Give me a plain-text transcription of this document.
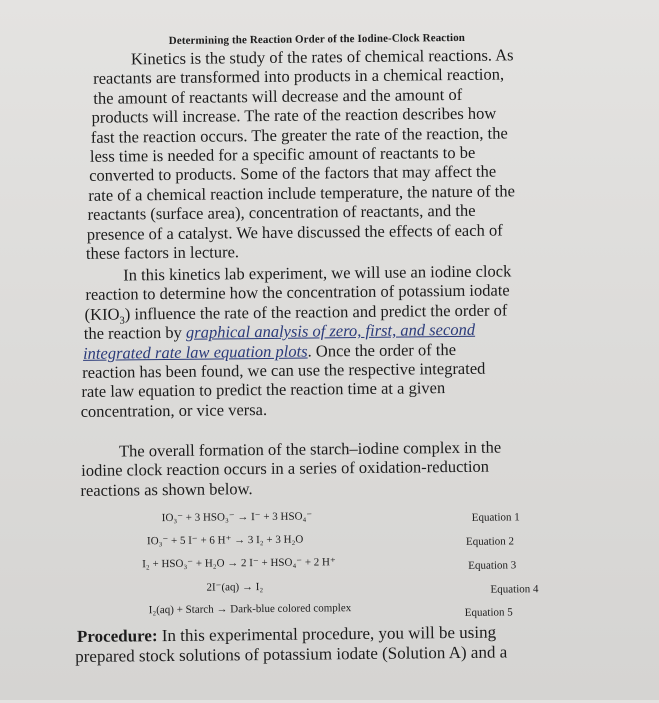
Determining the Reaction Order of the Iodine-Clock Reaction
Kinetics is the study of the rates of chemical reactions. As
reactants are transformed into products in a chemical reaction,
the amount of reactants will decrease and the amount of
products will increase. The rate of the reaction describes how
fast the reaction occurs. The greater the rate of the reaction, the
less time is needed for a specific amount of reactants to be
converted to products. Some of the factors that may affect the
rate of a chemical reaction include temperature, the nature of the
reactants (surface area), concentration of reactants, and the
presence of a catalyst. We have discussed the effects of each of
these factors in lecture.
In this kinetics lab experiment, we will use an iodine clock
reaction to determine how the concentration of potassium iodate
$(KIO_3)$ influence the rate of the reaction and predict the order of
the reaction by graphical analysis of zero, first, and second
integrated rate law equation plots. Once the order of the
reaction has been found, we can use the respective integrated
rate law equation to predict the reaction time at a given
concentration, or vice versa.
The overall formation of the starch–iodine complex in the
iodine clock reaction occurs in a series of oxidation-reduction
reactions as shown below.
IO₃⁻ + 3 HSO₃⁻ → I⁻ + 3 HSO₄⁻	Equation 1
IO₃⁻ + 5 I⁻ + 6 H⁺ → 3 I₂ + 3 H₂O	Equation 2
I₂ + HSO₃⁻ + H₂O → 2 I⁻ + HSO₄⁻ + 2 H⁺	Equation 3
2I⁻(aq) → I₂	Equation 4
I₂(aq) + Starch → Dark-blue colored complex	Equation 5
Procedure: In this experimental procedure, you will be using
prepared stock solutions of potassium iodate (Solution A) and a
